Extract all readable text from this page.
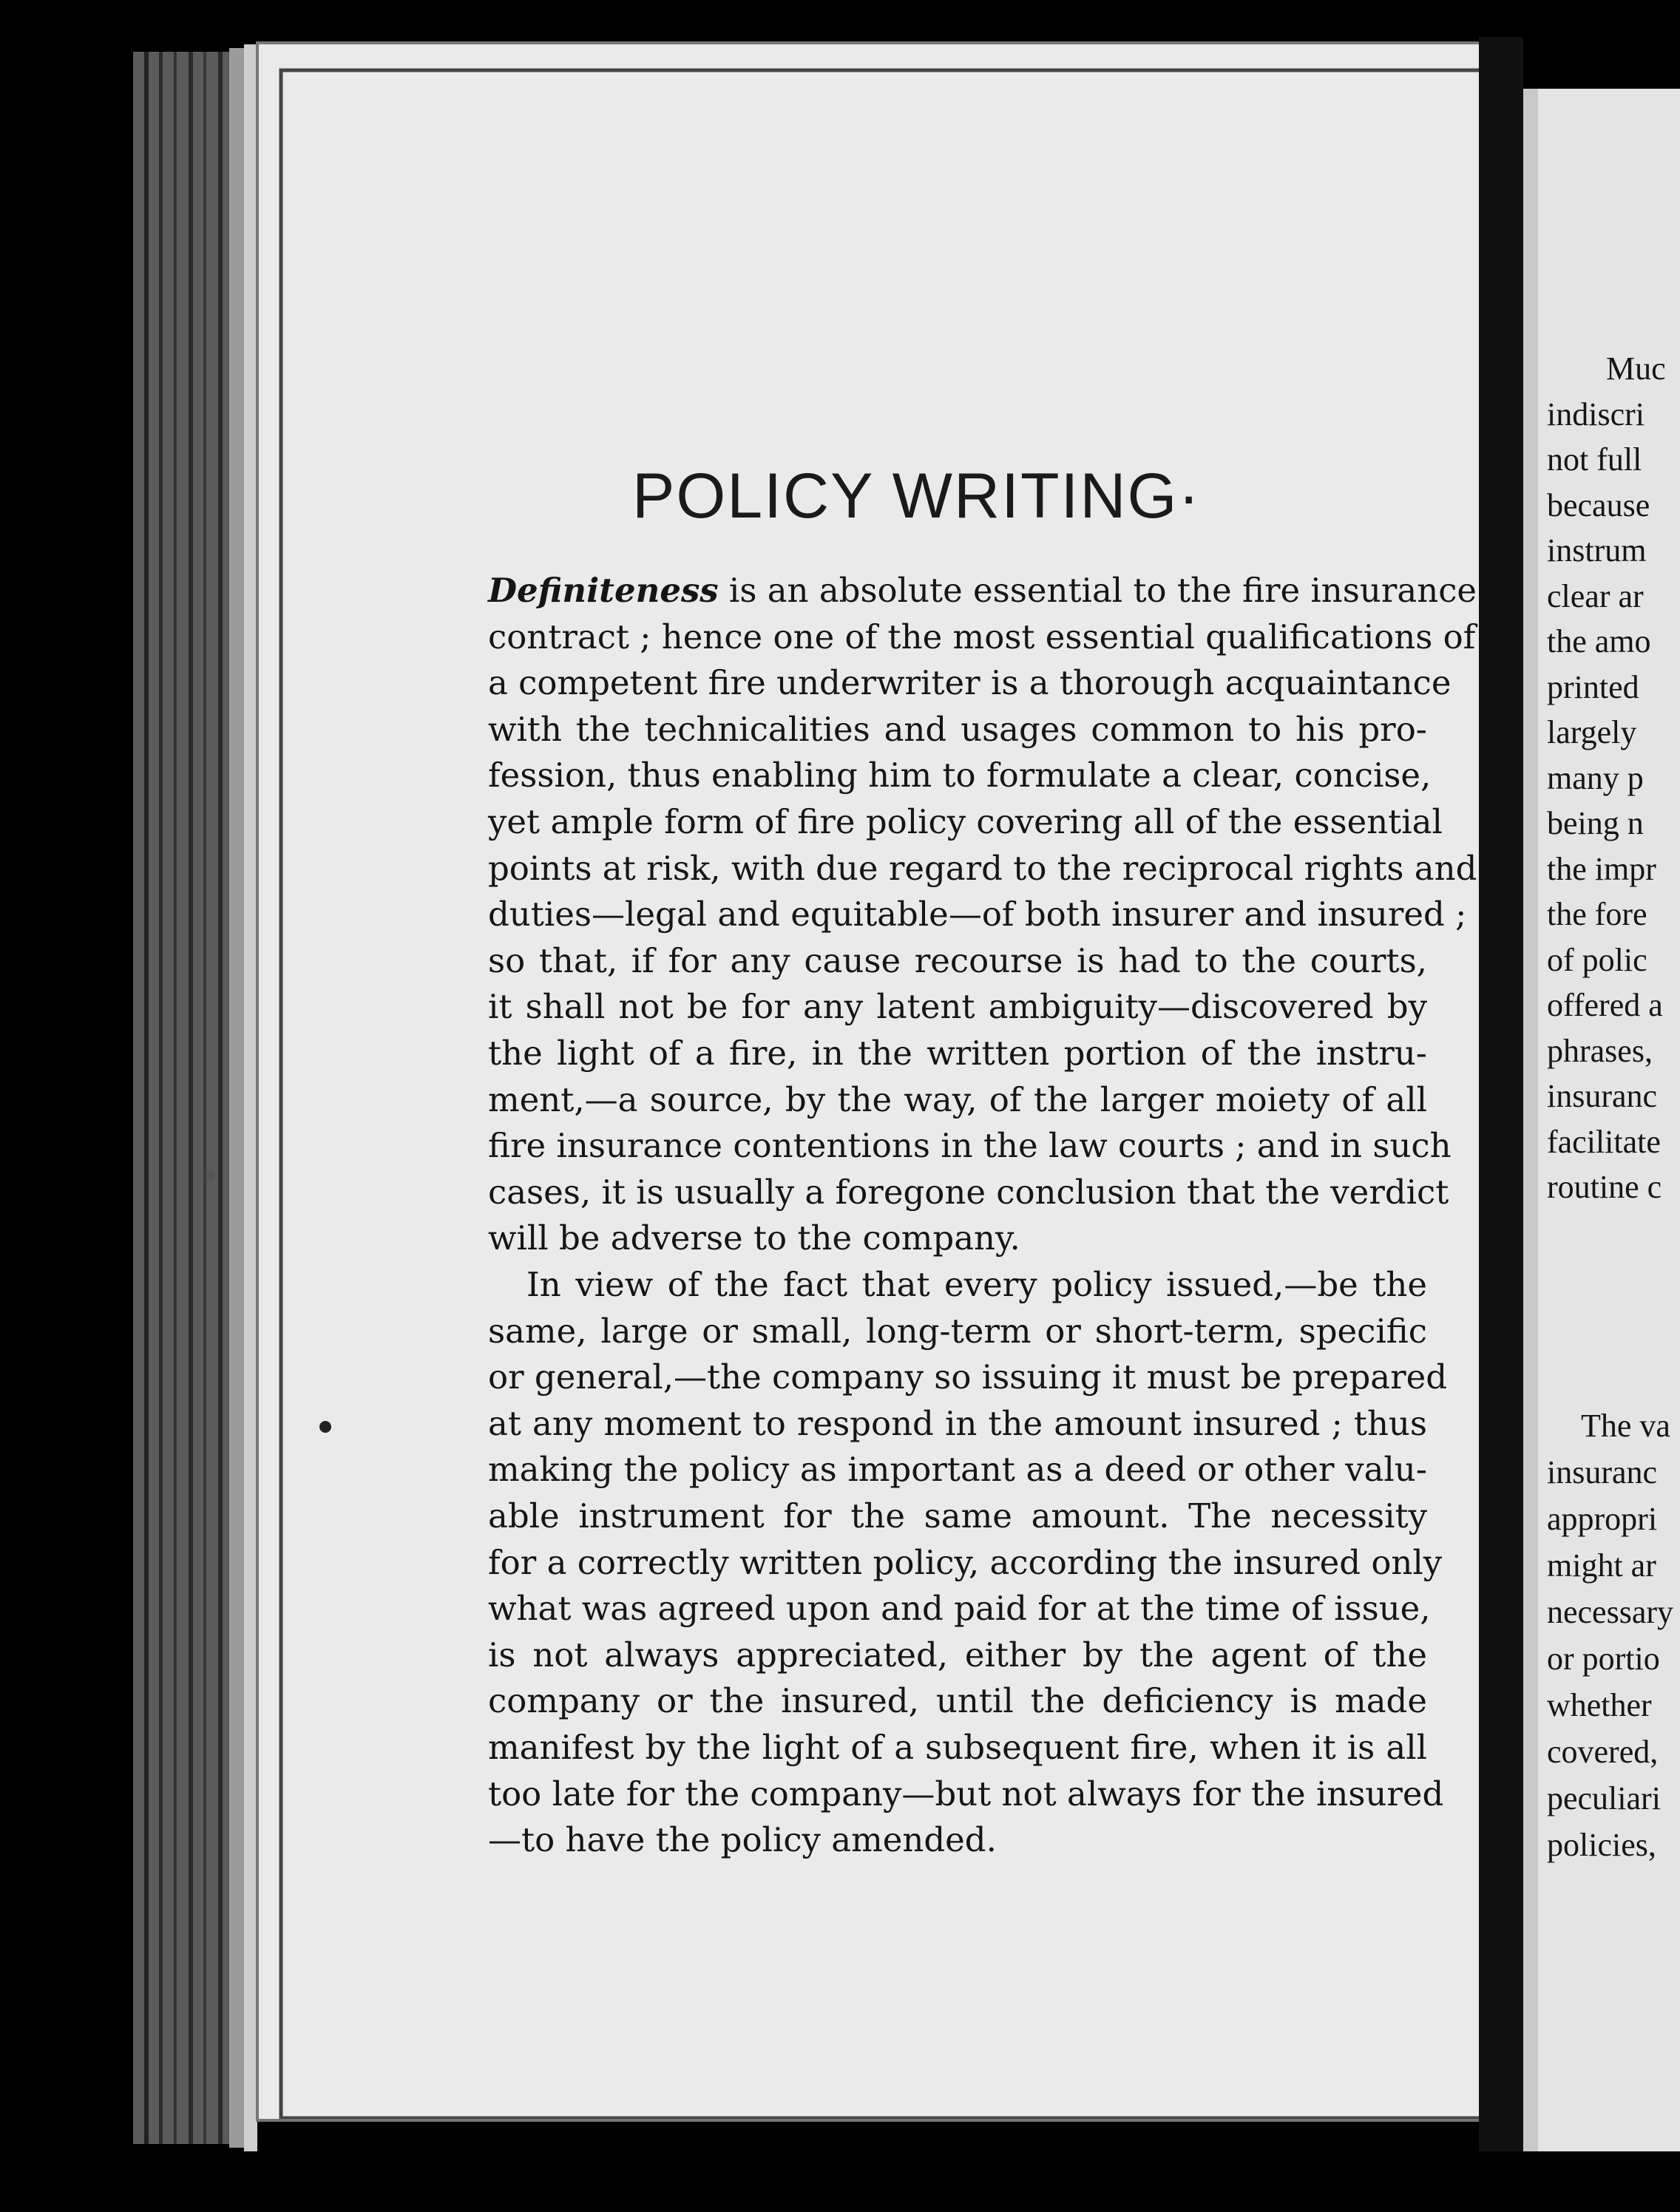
POLICY WRITING·
Definiteness is an absolute essential to the fire insurance
contract ; hence one of the most essential qualifications of
a competent fire underwriter is a thorough acquaintance
with the technicalities and usages common to his pro-
fession, thus enabling him to formulate a clear, concise,
yet ample form of fire policy covering all of the essential
points at risk, with due regard to the reciprocal rights and
duties—legal and equitable—of both insurer and insured ;
so that, if for any cause recourse is had to the courts,
it shall not be for any latent ambiguity—discovered by
the light of a fire, in the written portion of the instru-
ment,—a source, by the way, of the larger moiety of all
fire insurance contentions in the law courts ; and in such
cases, it is usually a foregone conclusion that the verdict
will be adverse to the company.
In view of the fact that every policy issued,—be the
same, large or small, long-term or short-term, specific
or general,—the company so issuing it must be prepared
at any moment to respond in the amount insured ; thus
making the policy as important as a deed or other valu-
able instrument for the same amount. The necessity
for a correctly written policy, according the insured only
what was agreed upon and paid for at the time of issue,
is not always appreciated, either by the agent of the
company or the insured, until the deficiency is made
manifest by the light of a subsequent fire, when it is all
too late for the company—but not always for the insured
—to have the policy amended.
Muc
indiscri
not full
because
instrum
clear ar
the amo
printed
largely
many p
being n
the impr
the fore
of polic
offered a
phrases,
insuranc
facilitate
routine c
The va
insuranc
appropri
might ar
necessary
or portio
whether
covered,
peculiari
policies,
